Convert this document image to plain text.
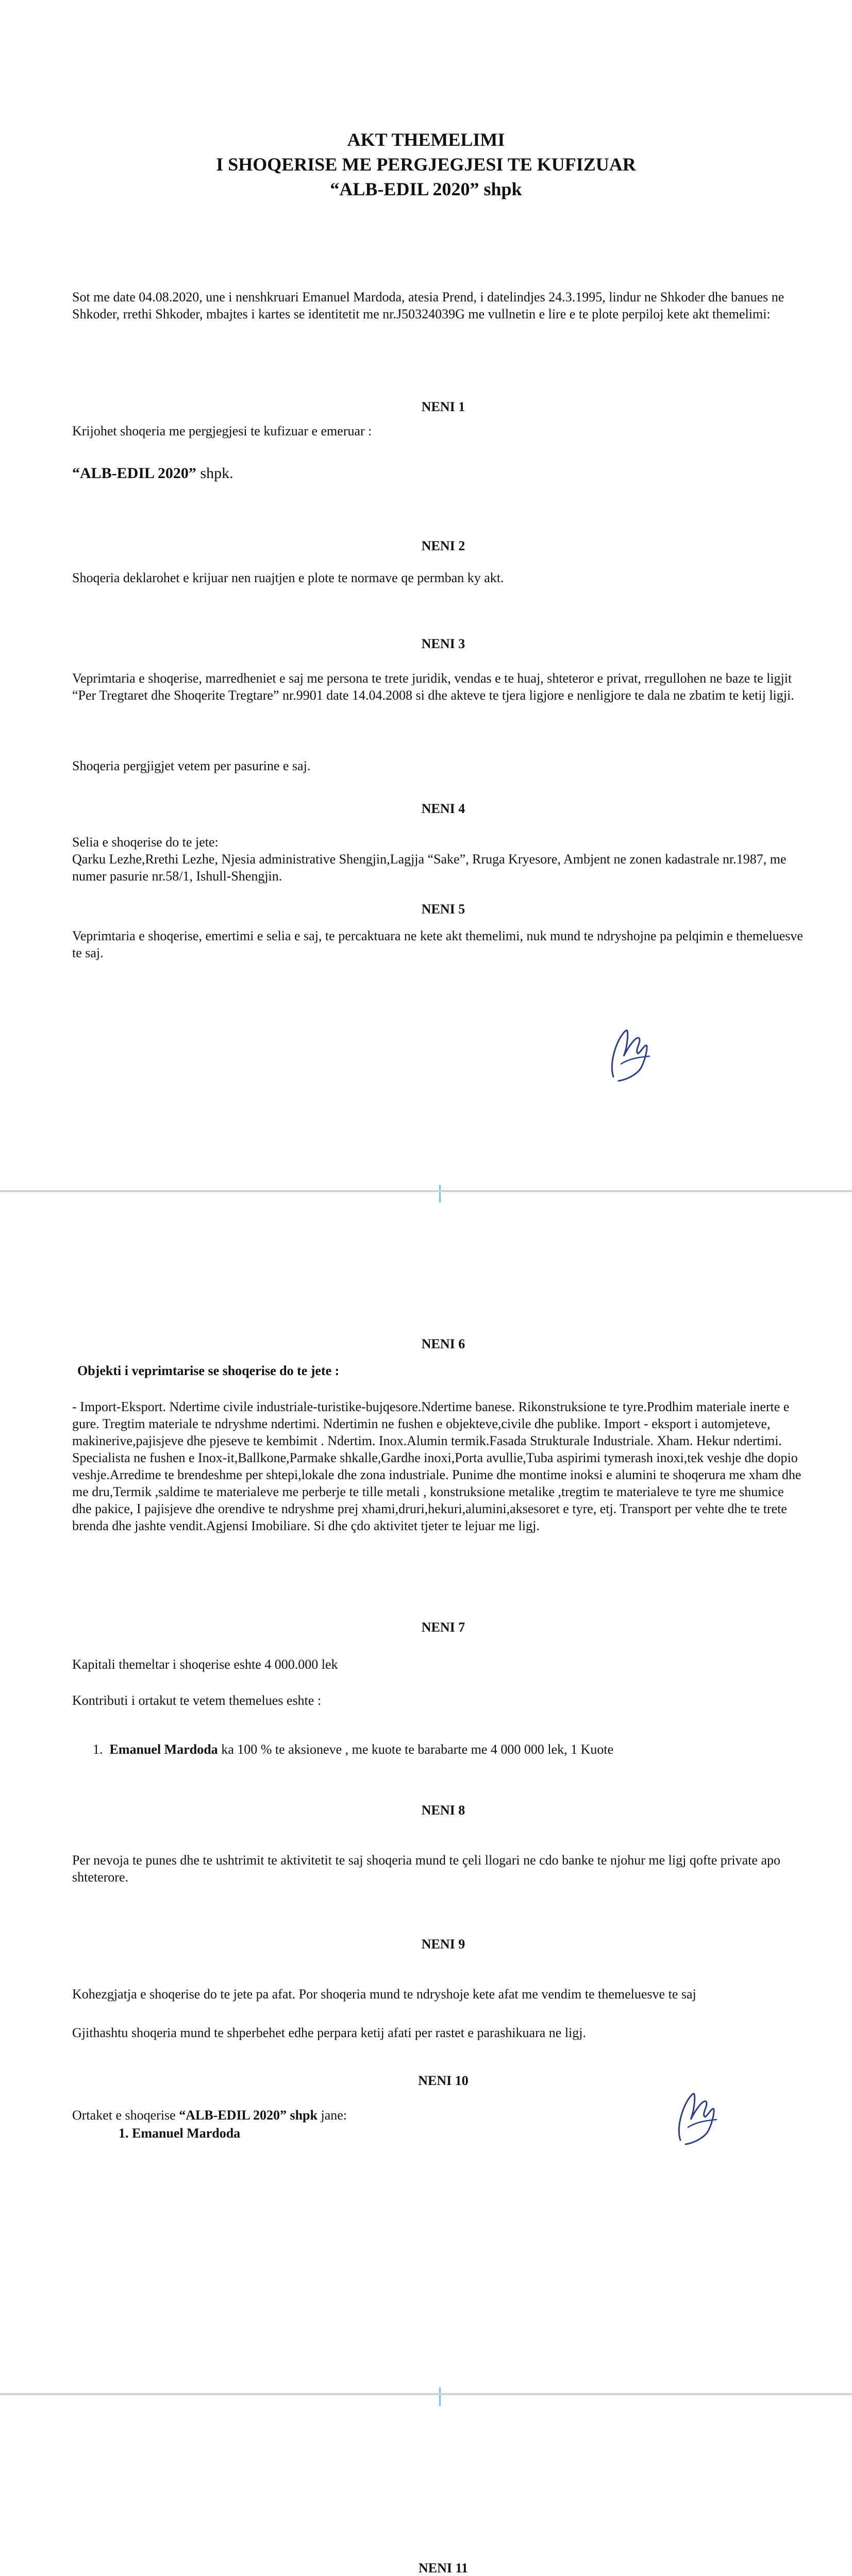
AKT THEMELIMI
I SHOQERISE ME PERGJEGJESI TE KUFIZUAR
“ALB-EDIL 2020” shpk
Sot me date 04.08.2020, une i nenshkruari Emanuel Mardoda, atesia Prend, i datelindjes 24.3.1995, lindur ne Shkoder dhe banues ne Shkoder, rrethi Shkoder, mbajtes i kartes se identitetit me nr.J50324039G me vullnetin e lire e te plote perpiloj kete akt themelimi:
NENI 1
Krijohet shoqeria me pergjegjesi te kufizuar e emeruar :
“ALB-EDIL 2020” shpk.
NENI 2
Shoqeria deklarohet e krijuar nen ruajtjen e plote te normave qe permban ky akt.
NENI 3
Veprimtaria e shoqerise, marredheniet e saj me persona te trete juridik, vendas e te huaj, shteteror e privat, rregullohen ne baze te ligjit “Per Tregtaret dhe Shoqerite Tregtare” nr.9901 date 14.04.2008 si dhe akteve te tjera ligjore e nenligjore te dala ne zbatim te ketij ligji.
Shoqeria pergjigjet vetem per pasurine e saj.
NENI 4
Selia e shoqerise do te jete:
Qarku Lezhe,Rrethi Lezhe, Njesia administrative Shengjin,Lagjja “Sake”, Rruga Kryesore, Ambjent ne zonen kadastrale nr.1987, me numer pasurie nr.58/1, Ishull-Shengjin.
NENI 5
Veprimtaria e shoqerise, emertimi e selia e saj, te percaktuara ne kete akt themelimi, nuk mund te ndryshojne pa pelqimin e themeluesve te saj.
NENI 6
Objekti i veprimtarise se shoqerise do te jete :
- Import-Eksport. Ndertime civile industriale-turistike-bujqesore.Ndertime banese. Rikonstruksione te tyre.Prodhim materiale inerte e gure. Tregtim materiale te ndryshme ndertimi. Ndertimin ne fushen e objekteve,civile dhe publike. Import - eksport i automjeteve, makinerive,pajisjeve dhe pjeseve te kembimit . Ndertim. Inox.Alumin termik.Fasada Strukturale Industriale. Xham. Hekur ndertimi. Specialista ne fushen e Inox-it,Ballkone,Parmake shkalle,Gardhe inoxi,Porta avullie,Tuba aspirimi tymerash inoxi,tek veshje dhe dopio veshje.Arredime te brendeshme per shtepi,lokale dhe zona industriale. Punime dhe montime inoksi e alumini te shoqerura me xham dhe me dru,Termik ,saldime te materialeve me perberje te tille metali , konstruksione metalike ,tregtim te materialeve te tyre me shumice dhe pakice, I pajisjeve dhe orendive te ndryshme prej xhami,druri,hekuri,alumini,aksesoret e tyre, etj. Transport per vehte dhe te trete brenda dhe jashte vendit.Agjensi Imobiliare. Si dhe çdo aktivitet tjeter te lejuar me ligj.
NENI 7
Kapitali themeltar i shoqerise eshte 4 000.000 lek
Kontributi i ortakut te vetem themelues eshte :
1. Emanuel Mardoda ka 100 % te aksioneve , me kuote te barabarte me 4 000 000 lek, 1 Kuote
NENI 8
Per nevoja te punes dhe te ushtrimit te aktivitetit te saj shoqeria mund te çeli llogari ne cdo banke te njohur me ligj qofte private apo shteterore.
NENI 9
Kohezgjatja e shoqerise do te jete pa afat. Por shoqeria mund te ndryshoje kete afat me vendim te themeluesve te saj
Gjithashtu shoqeria mund te shperbehet edhe perpara ketij afati per rastet e parashikuara ne ligj.
NENI 10
Ortaket e shoqerise “ALB-EDIL 2020” shpk jane:
1. Emanuel Mardoda
NENI 11
